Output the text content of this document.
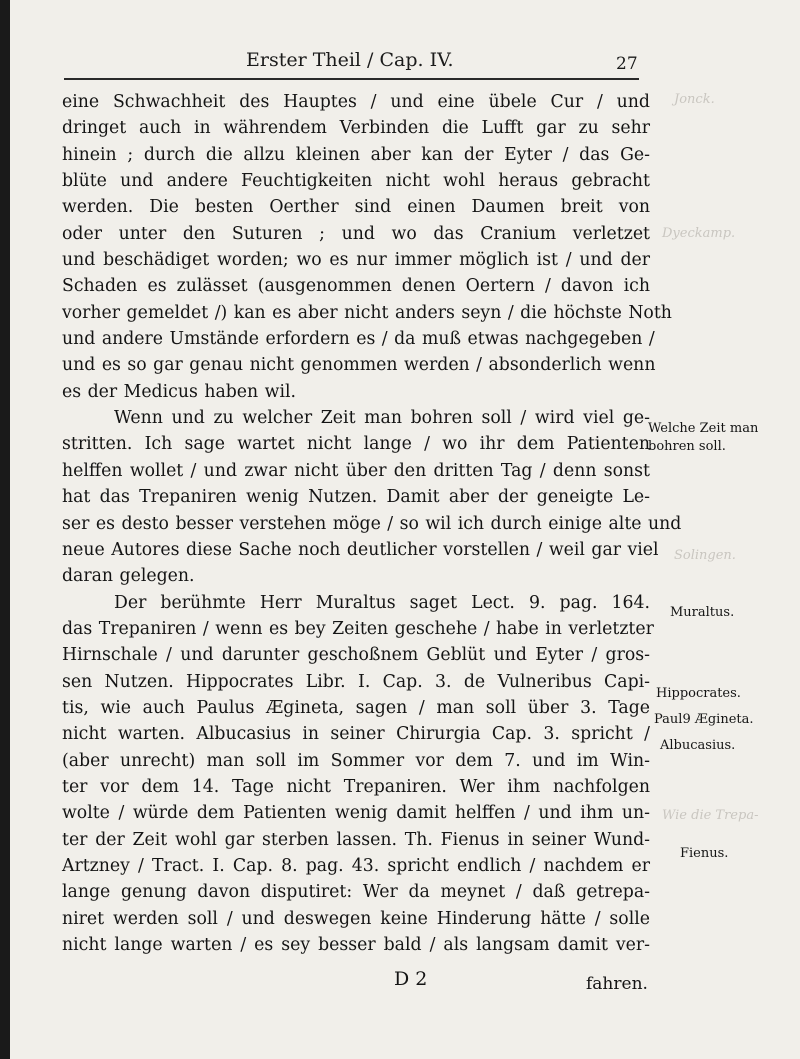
Jonck.
Dyeckamp.
Solingen.
Wie die Trepa-
Erster Theil / Cap. IV.	27
eine Schwachheit des Hauptes / und eine übele Cur / und
dringet auch in währendem Verbinden die Lufft gar zu sehr
hinein ; durch die allzu kleinen aber kan der Eyter / das Ge-
blüte und andere Feuchtigkeiten nicht wohl heraus gebracht
werden. Die besten Oerther sind einen Daumen breit von
oder unter den Suturen ; und wo das Cranium verletzet
und beschädiget worden; wo es nur immer möglich ist / und der
Schaden es zulässet (ausgenommen denen Oertern / davon ich
vorher gemeldet /) kan es aber nicht anders seyn / die höchste Noth
und andere Umstände erfordern es / da muß etwas nachgegeben /
und es so gar genau nicht genommen werden / absonderlich wenn
es der Medicus haben wil.
Wenn und zu welcher Zeit man bohren soll / wird viel ge-
stritten. Ich sage wartet nicht lange / wo ihr dem Patienten
helffen wollet / und zwar nicht über den dritten Tag / denn sonst
hat das Trepaniren wenig Nutzen. Damit aber der geneigte Le-
ser es desto besser verstehen möge / so wil ich durch einige alte und
neue Autores diese Sache noch deutlicher vorstellen / weil gar viel
daran gelegen.
Der berühmte Herr Muraltus saget Lect. 9. pag. 164.
das Trepaniren / wenn es bey Zeiten geschehe / habe in verletzter
Hirnschale / und darunter geschoßnem Geblüt und Eyter / gros-
sen Nutzen. Hippocrates Libr. I. Cap. 3. de Vulneribus Capi-
tis, wie auch Paulus Ægineta, sagen / man soll über 3. Tage
nicht warten. Albucasius in seiner Chirurgia Cap. 3. spricht /
(aber unrecht) man soll im Sommer vor dem 7. und im Win-
ter vor dem 14. Tage nicht Trepaniren. Wer ihm nachfolgen
wolte / würde dem Patienten wenig damit helffen / und ihm un-
ter der Zeit wohl gar sterben lassen. Th. Fienus in seiner Wund-
Artzney / Tract. I. Cap. 8. pag. 43. spricht endlich / nachdem er
lange genung davon disputiret: Wer da meynet / daß getrepa-
niret werden soll / und deswegen keine Hinderung hätte / solle
nicht lange warten / es sey besser bald / als langsam damit ver-
Welche Zeit man
bohren soll.
Muraltus.
Hippocrates.
Paul9 Ægineta.
Albucasius.
Fienus.
D 2	fahren.
